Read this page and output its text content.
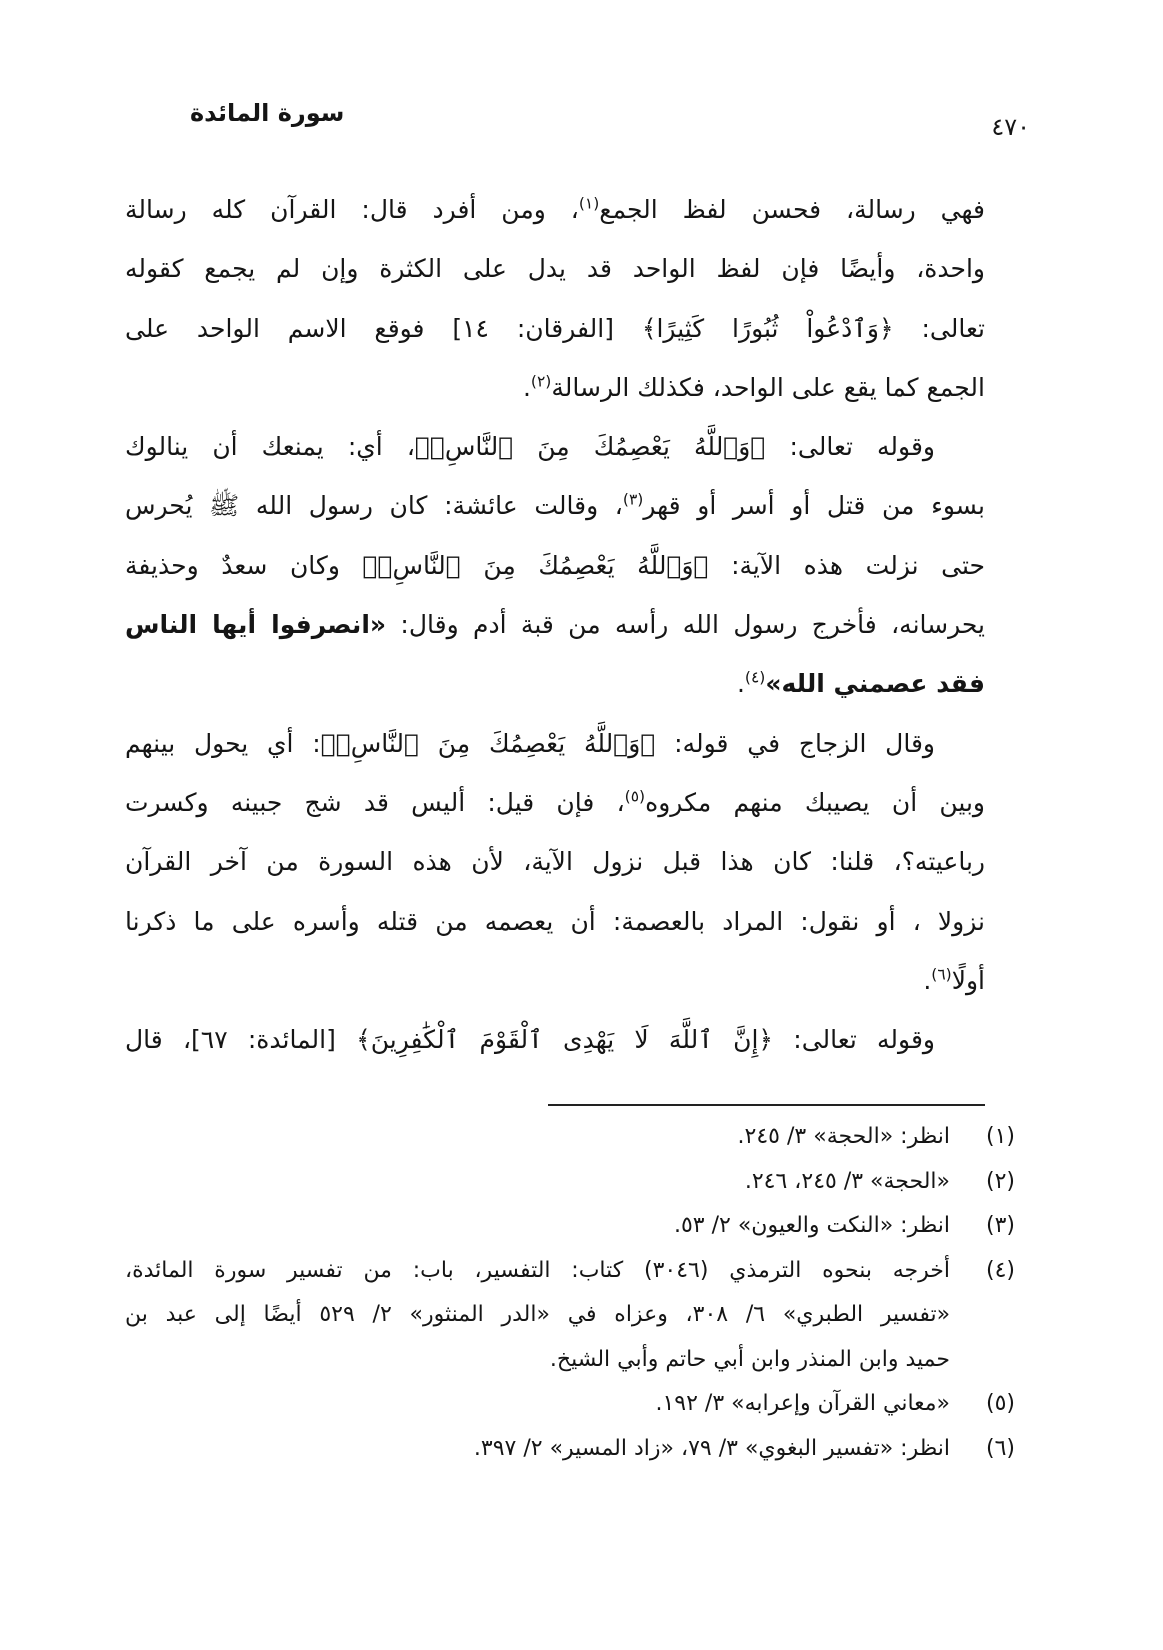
٤٧٠
سورة المائدة
فهي رسالة، فحسن لفظ الجمع$^{(١)}$، ومن أفرد قال: القرآن كله رسالة
واحدة، وأيضًا فإن لفظ الواحد قد يدل على الكثرة وإن لم يجمع كقوله
تعالى: ﴿وَٱدْعُواْ ثُبُورًا كَثِيرًا﴾ [الفرقان: ١٤] فوقع الاسم الواحد على
الجمع كما يقع على الواحد، فكذلك الرسالة$^{(٢)}$.
وقوله تعالى: ﴿وَٱللَّهُ يَعْصِمُكَ مِنَ ٱلنَّاسِۗ﴾، أي: يمنعك أن ينالوك
بسوء من قتل أو أسر أو قهر$^{(٣)}$، وقالت عائشة: كان رسول الله ﷺ يُحرس
حتى نزلت هذه الآية: ﴿وَٱللَّهُ يَعْصِمُكَ مِنَ ٱلنَّاسِۗ﴾ وكان سعدٌ وحذيفة
يحرسانه، فأخرج رسول الله رأسه من قبة أدم وقال: «انصرفوا أيها الناس
فقد عصمني الله»$^{(٤)}$.
وقال الزجاج في قوله: ﴿وَٱللَّهُ يَعْصِمُكَ مِنَ ٱلنَّاسِۗ﴾: أي يحول بينهم
وبين أن يصيبك منهم مكروه$^{(٥)}$، فإن قيل: أليس قد شج جبينه وكسرت
رباعيته؟، قلنا: كان هذا قبل نزول الآية، لأن هذه السورة من آخر القرآن
نزولا ، أو نقول: المراد بالعصمة: أن يعصمه من قتله وأسره على ما ذكرنا
أولًا$^{(٦)}$.
وقوله تعالى: ﴿إِنَّ ٱللَّهَ لَا يَهْدِى ٱلْقَوْمَ ٱلْكَٰفِرِينَ﴾ [المائدة: ٦٧]، قال
(١)
انظر: «الحجة» ٣/ ٢٤٥.
(٢)
«الحجة» ٣/ ٢٤٥، ٢٤٦.
(٣)
انظر: «النكت والعيون» ٢/ ٥٣.
(٤)
أخرجه بنحوه الترمذي (٣٠٤٦) كتاب: التفسير، باب: من تفسير سورة المائدة،
«تفسير الطبري» ٦/ ٣٠٨، وعزاه في «الدر المنثور» ٢/ ٥٢٩ أيضًا إلى عبد بن
حميد وابن المنذر وابن أبي حاتم وأبي الشيخ.
(٥)
«معاني القرآن وإعرابه» ٣/ ١٩٢.
(٦)
انظر: «تفسير البغوي» ٣/ ٧٩، «زاد المسير» ٢/ ٣٩٧.
